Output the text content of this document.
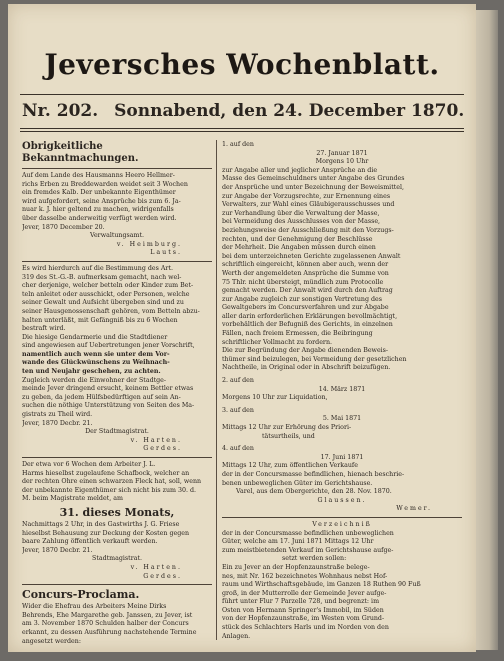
Jeversches Wochenblatt.
Nr. 202. Sonnabend, den 24. December 1870.
Obrigkeitliche Bekanntmachungen.
Auf dem Lande des Hausmanns Heero Hellmer-
richs Erben zu Breddewarden weidet seit 3 Wochen
ein fremdes Kalb. Der unbekannte Eigenthümer
wird aufgefordert, seine Ansprüche bis zum 6. Ja-
nuar k. J. hier geltend zu machen, widrigenfalls
über dasselbe anderweitig verfügt werden wird.
Jever, 1870 December 20.
Verwaltungsamt.
v. Heimburg.
Lauts.
Es wird hierdurch auf die Bestimmung des Art.
319 des St.-G.-B. aufmerksam gemacht, nach wel-
cher derjenige, welcher betteln oder Kinder zum Bet-
teln anleitet oder ausschickt, oder Personen, welche
seiner Gewalt und Aufsicht übergeben sind und zu
seiner Hausgenossenschaft gehören, vom Betteln abzu-
halten unterläßt, mit Gefängniß bis zu 6 Wochen
bestraft wird.
Die hiesige Gendarmerie und die Stadtdiener
sind angewiesen auf Uebertretungen jener Vorschrift,
namentlich auch wenn sie unter dem Vor-
wande des Glückwünschens zu Weihnach-
ten und Neujahr geschehen, zu achten.
Zugleich werden die Einwohner der Stadtge-
meinde Jever dringend ersucht, keinem Bettler etwas
zu geben, da jedem Hülfsbedürftigen auf sein An-
suchen die nöthige Unterstützung von Seiten des Ma-
gistrats zu Theil wird.
Jever, 1870 Decbr. 21.
Der Stadtmagistrat.
v. Harten.
Gerdes.
Der etwa vor 6 Wochen dem Arbeiter J. L.
Harms hieselbst zugelaufene Schafbock, welcher an
der rechten Ohre einen schwarzen Fleck hat, soll, wenn
der unbekannte Eigenthümer sich nicht bis zum 30. d.
M. beim Magistrate meldet, am
31. dieses Monats,
Nachmittags 2 Uhr, in des Gastwirths J. G. Friese
hieselbst Behausung zur Deckung der Kosten gegen
baare Zahlung öffentlich verkauft werden.
Jever, 1870 Decbr. 21.
Stadtmagistrat.
v. Harten.
Gerdes.
Concurs-Proclama.
Wider die Ehefrau des Arbeiters Meine Dirks
Behrends, Ehe Margarethe geb. Janssen, zu Jever, ist
am 3. November 1870 Schulden halber der Concurs
erkannt, zu dessen Ausführung nachstehende Termine
angesetzt werden:
1. auf den
27. Januar 1871
Morgens 10 Uhr
zur Angabe aller und jeglicher Ansprüche an die
Masse des Gemeinschuldners unter Angabe des Grundes
der Ansprüche und unter Bezeichnung der Beweismittel,
zur Angabe der Vorzugsrechte, zur Ernennung eines
Verwalters, zur Wahl eines Gläubigerausschusses und
zur Verhandlung über die Verwaltung der Masse,
bei Vermeidung des Ausschlusses von der Masse,
beziehungsweise der Ausschließung mit den Vorzugs-
rechten, und der Genehmigung der Beschlüsse
der Mehrheit. Die Angaben müssen durch einen
bei dem unterzeichneten Gerichte zugelassenen Anwalt
schriftlich eingereicht, können aber auch, wenn der
Werth der angemeldeten Ansprüche die Summe von
75 Thlr. nicht übersteigt, mündlich zum Protocolle
gemacht werden. Der Anwalt wird durch den Auftrag
zur Angabe zugleich zur sonstigen Vertretung des
Gewaltgebers im Concursverfahren und zur Abgabe
aller darin erforderlichen Erklärungen bevollmächtigt,
vorbehältlich der Befugniß des Gerichts, in einzelnen
Fällen, nach freiem Ermessen, die Beibringung
schriftlicher Vollmacht zu fordern.
Die zur Begründung der Angabe dienenden Beweis-
thümer sind beizulegen, bei Vermeidung der gesetzlichen
Nachtheile, in Original oder in Abschrift beizufügen.
2. auf den
14. März 1871
Morgens 10 Uhr zur Liquidation,
3. auf den
5. Mai 1871
Mittags 12 Uhr zur Erhörung des Priori-
tätsurtheils, und
4. auf den
17. Juni 1871
Mittags 12 Uhr, zum öffentlichen Verkaufe
der in der Concursmasse befindlichen, hienach beschrie-
benen unbeweglichen Güter im Gerichtshause.
Varel, aus dem Obergerichte, den 28. Nov. 1870.
Glaussen.
Wemer.
Verzeichniß
der in der Concursmasse befindlichen unbeweglichen
Güter, welche am 17. Juni 1871 Mittags 12 Uhr
zum meistbietenden Verkauf im Gerichtshause aufge-
setzt werden sollen:
Ein zu Jever an der Hopfenzaunstraße belege-
nes, mit Nr. 162 bezeichnetes Wohnhaus nebst Hof-
raum und Wirthschaftsgebäude, im Ganzen 18 Ruthen 90 Fuß
groß, in der Mutterrolle der Gemeinde Jever aufge-
führt unter Flur 7 Parzelle 728, und begrenzt: im
Osten von Hermann Springer's Immobil, im Süden
von der Hopfenzaunstraße, im Westen vom Grund-
stück des Schlachters Harls und im Norden von den
Anlagen.
